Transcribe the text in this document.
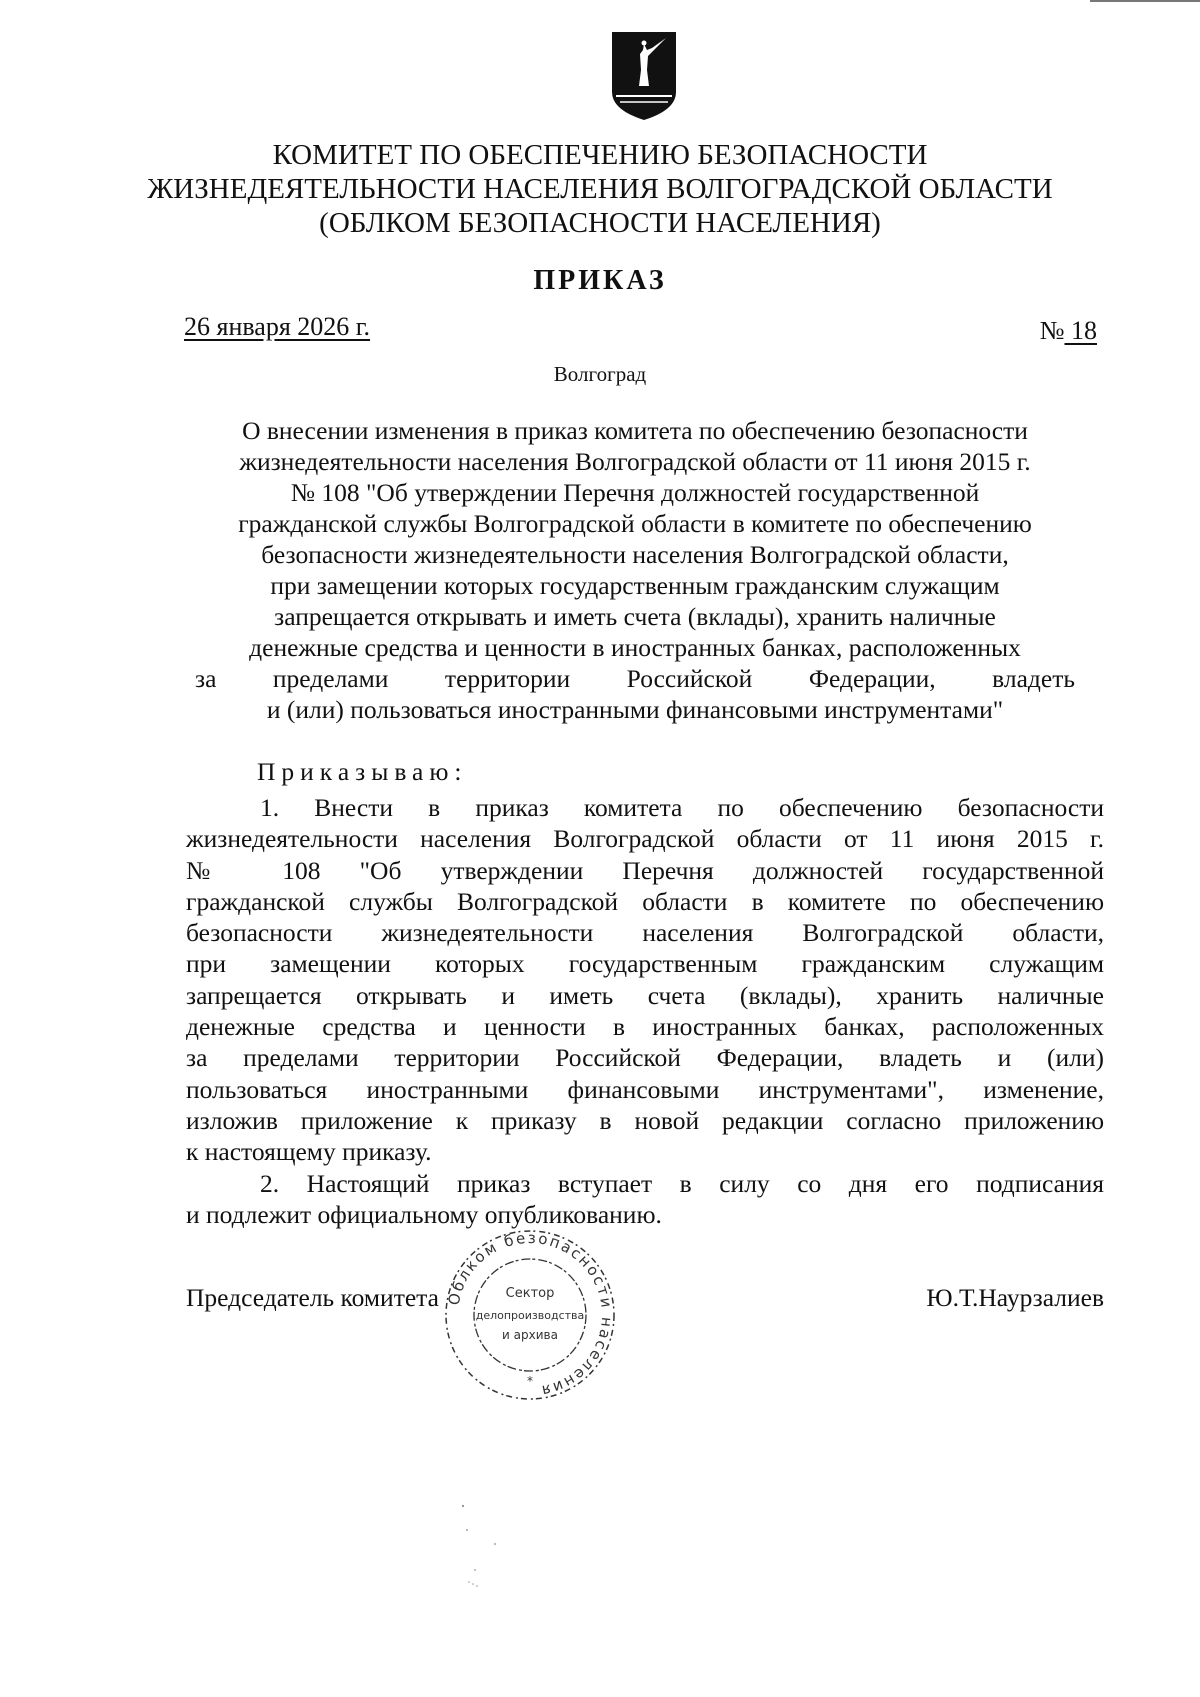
КОМИТЕТ ПО ОБЕСПЕЧЕНИЮ БЕЗОПАСНОСТИ
ЖИЗНЕДЕЯТЕЛЬНОСТИ НАСЕЛЕНИЯ ВОЛГОГРАДСКОЙ ОБЛАСТИ
(ОБЛКОМ БЕЗОПАСНОСТИ НАСЕЛЕНИЯ)
ПРИКАЗ
26 января 2026 г.	№ 18
Волгоград
О внесении изменения в приказ комитета по обеспечению безопасности
жизнедеятельности населения Волгоградской области от 11 июня 2015 г.
№ 108 "Об утверждении Перечня должностей государственной
гражданской службы Волгоградской области в комитете по обеспечению
безопасности жизнедеятельности населения Волгоградской области,
при замещении которых государственным гражданским служащим
запрещается открывать и иметь счета (вклады), хранить наличные
денежные средства и ценности в иностранных банках, расположенных
за пределами территории Российской Федерации, владеть
и (или) пользоваться иностранными финансовыми инструментами"
Приказываю:
1. Внести в приказ комитета по обеспечению безопасности
жизнедеятельности населения Волгоградской области от 11 июня 2015 г.
№ 108 "Об утверждении Перечня должностей государственной
гражданской службы Волгоградской области в комитете по обеспечению
безопасности жизнедеятельности населения Волгоградской области,
при замещении которых государственным гражданским служащим
запрещается открывать и иметь счета (вклады), хранить наличные
денежные средства и ценности в иностранных банках, расположенных
за пределами территории Российской Федерации, владеть и (или)
пользоваться иностранными финансовыми инструментами", изменение,
изложив приложение к приказу в новой редакции согласно приложению
к настоящему приказу.
2. Настоящий приказ вступает в силу со дня его подписания
и подлежит официальному опубликованию.
Председатель комитета	Ю.Т.Наурзалиев
Облком безопасности населения
Сектор
делопроизводства
и архива
*
